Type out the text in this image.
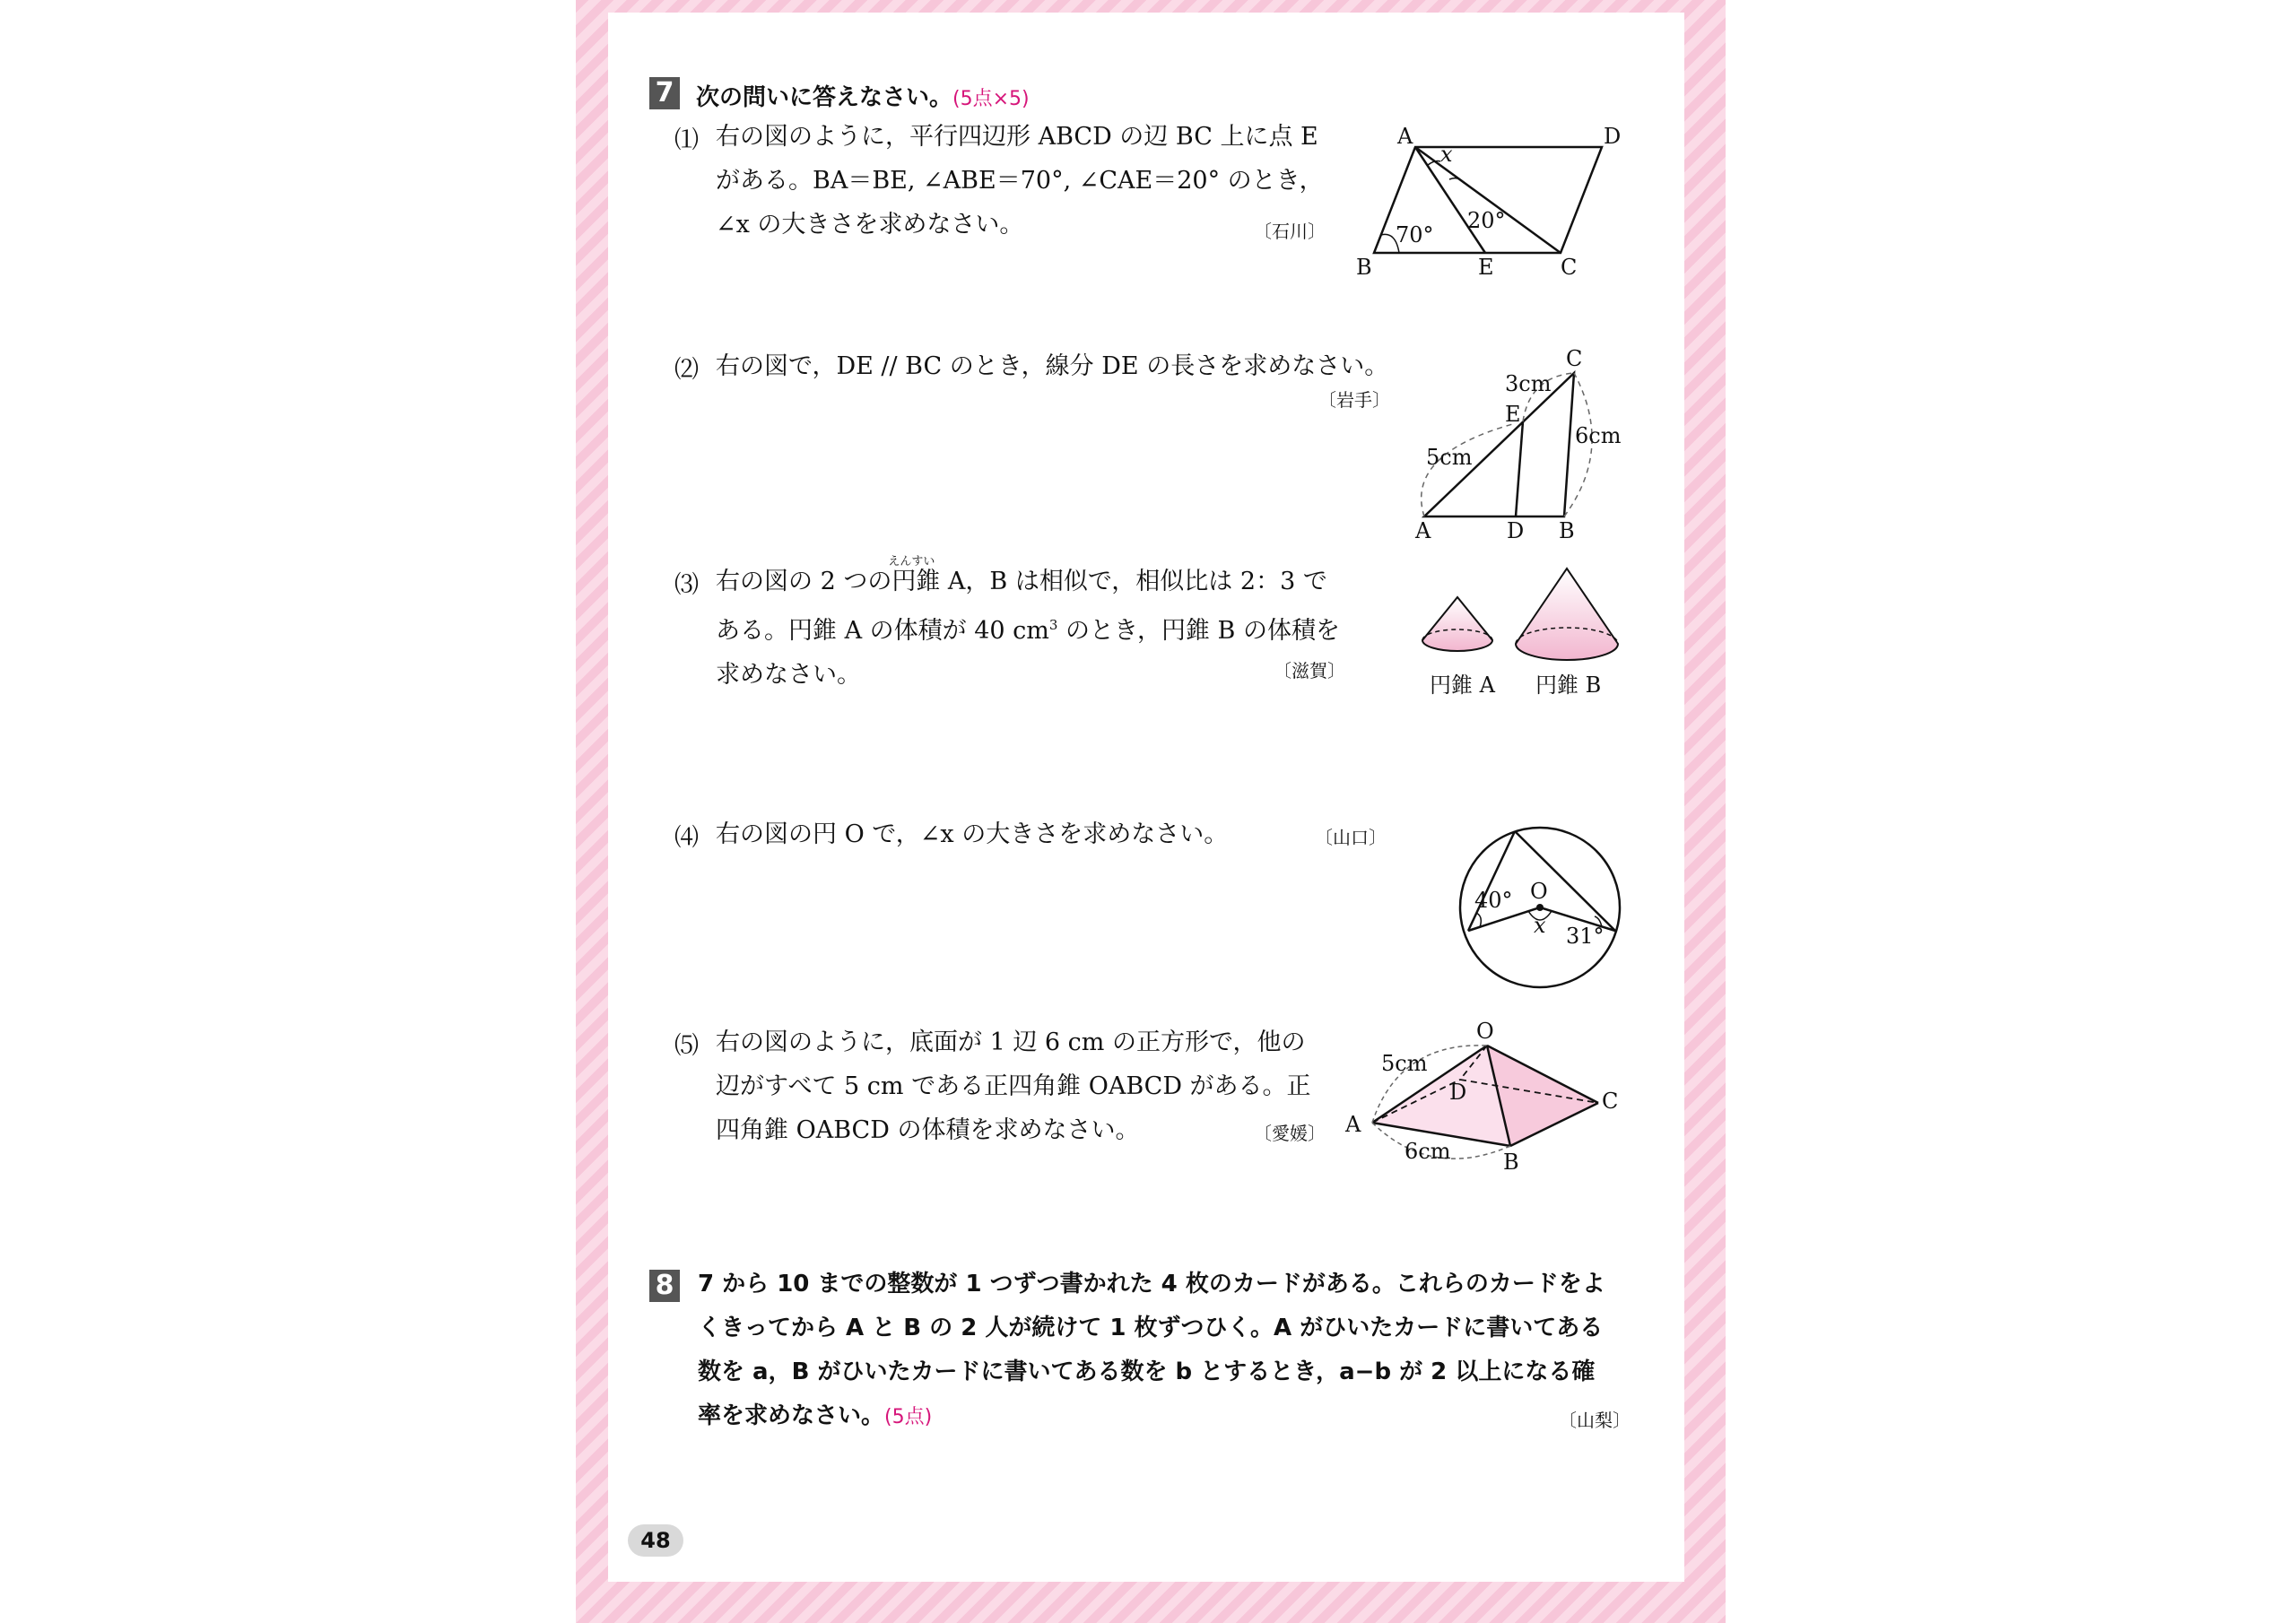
7 次の問いに答えなさい。(5点×5)
⑴ 右の図のように，平行四辺形 ABCD の辺 BC 上に点 E
がある。BA＝BE, ∠ABE＝70°, ∠CAE＝20° のとき，
∠x の大きさを求めなさい。	〔石川〕
A	D
B	E	C
x
70°
20°
⑵ 右の図で，DE // BC のとき，線分 DE の長さを求めなさい。
〔岩手〕
A	D B
C
E
3cm
5cm
6cm
⑶ 右の図の 2 つの
えんすい
円錐 A，B は相似で，相似比は 2：3 で
ある。円錐 A の体積が 40 $cm^3$ のとき，円錐 B の体積を
求めなさい。	〔滋賀〕
円錐 A 円錐 B
⑷ 右の図の円 O で，∠x の大きさを求めなさい。	〔山口〕
O
40°
x 31°
⑸ 右の図のように，底面が 1 辺 6 cm の正方形で，他の
辺がすべて 5 cm である正四角錐 OABCD がある。正
四角錐 OABCD の体積を求めなさい。	〔愛媛〕
O
A
B
C
D
5cm
6cm
8 7 から 10 までの整数が 1 つずつ書かれた 4 枚のカードがある。これらのカードをよ
くきってから A と B の 2 人が続けて 1 枚ずつひく。A がひいたカードに書いてある
数を a，B がひいたカードに書いてある数を b とするとき，a−b が 2 以上になる確
率を求めなさい。(5点)	〔山梨〕
48
